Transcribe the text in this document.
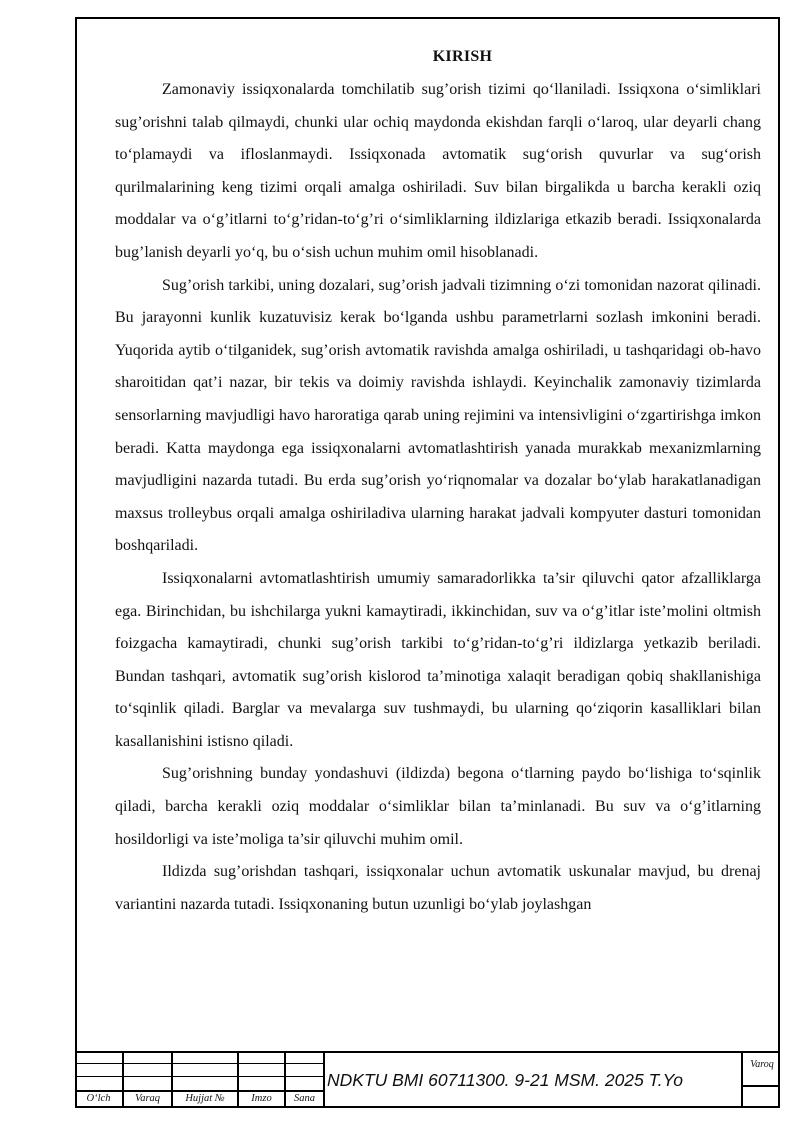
KIRISH

Zamonaviy issiqxonalarda tomchilatib sug’orish tizimi qo‘llaniladi. Issiqxona o‘simliklari sug’orishni talab qilmaydi, chunki ular ochiq maydonda ekishdan farqli o‘laroq, ular deyarli chang to‘plamaydi va ifloslanmaydi. Issiqxonada avtomatik sug‘orish quvurlar va sug‘orish qurilmalarining keng tizimi orqali amalga oshiriladi. Suv bilan birgalikda u barcha kerakli oziq moddalar va o‘g’itlarni to‘g’ridan-to‘g’ri o‘simliklarning ildizlariga etkazib beradi. Issiqxonalarda bug’lanish deyarli yo‘q, bu o‘sish uchun muhim omil hisoblanadi.

Sug’orish tarkibi, uning dozalari, sug’orish jadvali tizimning o‘zi tomonidan nazorat qilinadi. Bu jarayonni kunlik kuzatuvisiz kerak bo‘lganda ushbu parametrlarni sozlash imkonini beradi. Yuqorida aytib o‘tilganidek, sug’orish avtomatik ravishda amalga oshiriladi, u tashqaridagi ob-havo sharoitidan qat’i nazar, bir tekis va doimiy ravishda ishlaydi. Keyinchalik zamonaviy tizimlarda sensorlarning mavjudligi havo haroratiga qarab uning rejimini va intensivligini o‘zgartirishga imkon beradi. Katta maydonga ega issiqxonalarni avtomatlashtirish yanada murakkab mexanizmlarning mavjudligini nazarda tutadi. Bu erda sug’orish yo‘riqnomalar va dozalar bo‘ylab harakatlanadigan maxsus trolleybus orqali amalga oshiriladiva ularning harakat jadvali kompyuter dasturi tomonidan boshqariladi.

Issiqxonalarni avtomatlashtirish umumiy samaradorlikka ta’sir qiluvchi qator afzalliklarga ega. Birinchidan, bu ishchilarga yukni kamaytiradi, ikkinchidan, suv va o‘g’itlar iste’molini oltmish foizgacha kamaytiradi, chunki sug’orish tarkibi to‘g’ridan-to‘g’ri ildizlarga yetkazib beriladi. Bundan tashqari, avtomatik sug’orish kislorod ta’minotiga xalaqit beradigan qobiq shakllanishiga to‘sqinlik qiladi. Barglar va mevalarga suv tushmaydi, bu ularning qo‘ziqorin kasalliklari bilan kasallanishini istisno qiladi.

Sug’orishning bunday yondashuvi (ildizda) begona o‘tlarning paydo bo‘lishiga to‘sqinlik qiladi, barcha kerakli oziq moddalar o‘simliklar bilan ta’minlanadi. Bu suv va o‘g’itlarning hosildorligi va iste’moliga ta’sir qiluvchi muhim omil.

Ildizda sug’orishdan tashqari, issiqxonalar uchun avtomatik uskunalar mavjud, bu drenaj variantini nazarda tutadi. Issiqxonaning butun uzunligi bo‘ylab joylashgan

O‘lch	Varaq	Hujjat №	Imzo	Sana
NDKTU BMI 60711300. 9-21 MSM. 2025 T.Yo
Varoq
